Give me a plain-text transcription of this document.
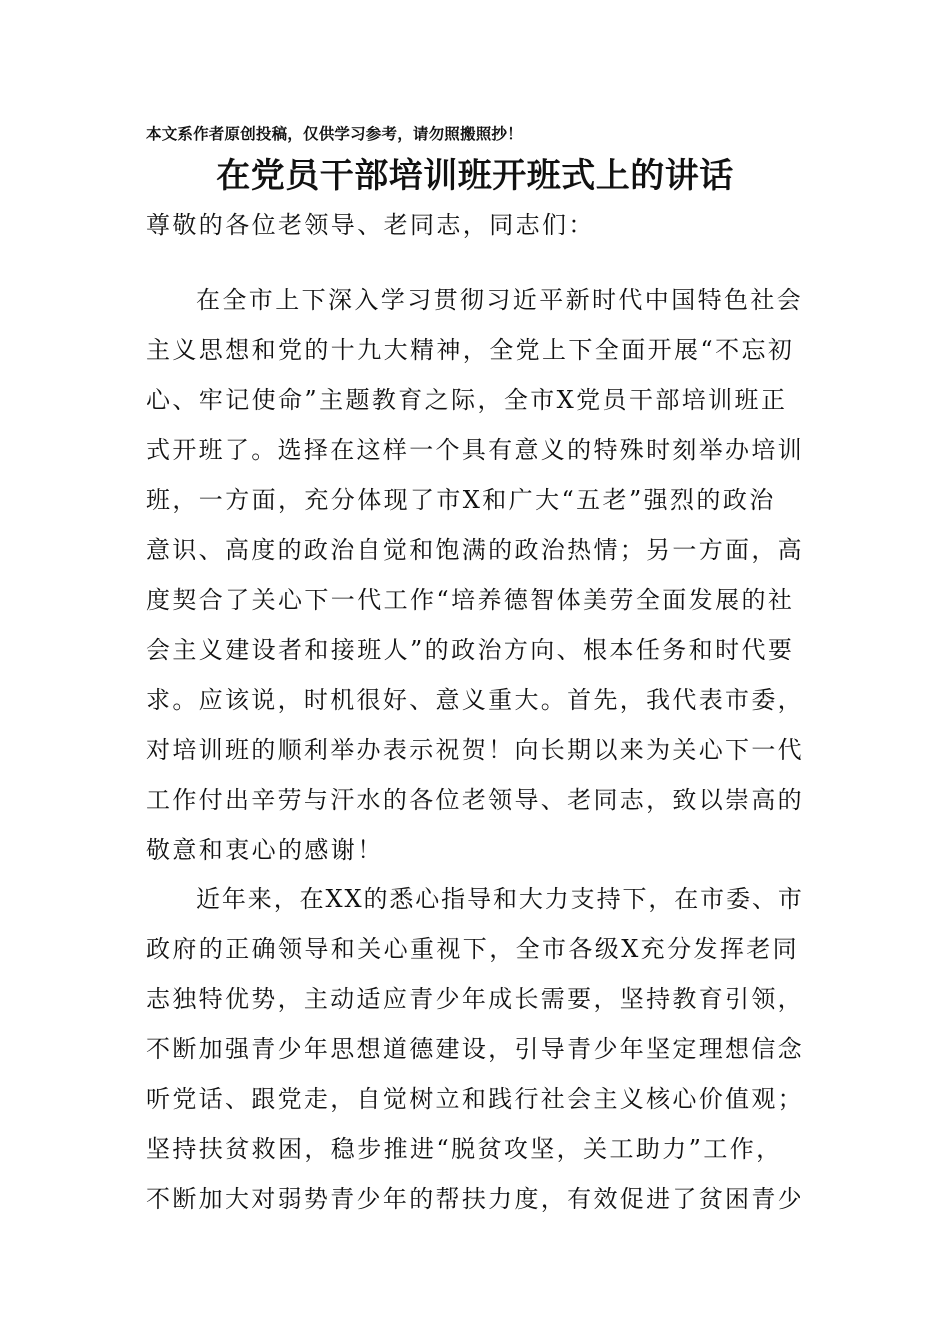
本文系作者原创投稿，仅供学习参考，请勿照搬照抄！
在党员干部培训班开班式上的讲话
尊敬的各位老领导、老同志，同志们：
在全市上下深入学习贯彻习近平新时代中国特色社会
主义思想和党的十九大精神，全党上下全面开展“不忘初
心、牢记使命”主题教育之际，全市X党员干部培训班正
式开班了。选择在这样一个具有意义的特殊时刻举办培训
班，一方面，充分体现了市X和广大“五老”强烈的政治
意识、高度的政治自觉和饱满的政治热情；另一方面，高
度契合了关心下一代工作“培养德智体美劳全面发展的社
会主义建设者和接班人”的政治方向、根本任务和时代要
求。应该说，时机很好、意义重大。首先，我代表市委，
对培训班的顺利举办表示祝贺！向长期以来为关心下一代
工作付出辛劳与汗水的各位老领导、老同志，致以崇高的
敬意和衷心的感谢！
近年来，在XX的悉心指导和大力支持下，在市委、市
政府的正确领导和关心重视下，全市各级X充分发挥老同
志独特优势，主动适应青少年成长需要，坚持教育引领，
不断加强青少年思想道德建设，引导青少年坚定理想信念
听党话、跟党走，自觉树立和践行社会主义核心价值观；
坚持扶贫救困，稳步推进“脱贫攻坚，关工助力”工作，
不断加大对弱势青少年的帮扶力度，有效促进了贫困青少
